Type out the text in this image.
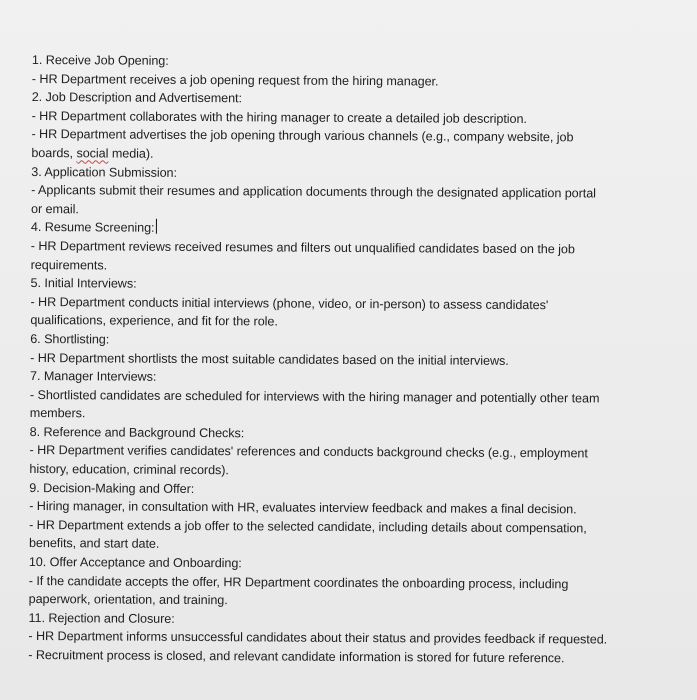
1. Receive Job Opening:
- HR Department receives a job opening request from the hiring manager.
2. Job Description and Advertisement:
- HR Department collaborates with the hiring manager to create a detailed job description.
- HR Department advertises the job opening through various channels (e.g., company website, job
boards, social media).
3. Application Submission:
- Applicants submit their resumes and application documents through the designated application portal
or email.
4. Resume Screening:
- HR Department reviews received resumes and filters out unqualified candidates based on the job
requirements.
5. Initial Interviews:
- HR Department conducts initial interviews (phone, video, or in-person) to assess candidates'
qualifications, experience, and fit for the role.
6. Shortlisting:
- HR Department shortlists the most suitable candidates based on the initial interviews.
7. Manager Interviews:
- Shortlisted candidates are scheduled for interviews with the hiring manager and potentially other team
members.
8. Reference and Background Checks:
- HR Department verifies candidates' references and conducts background checks (e.g., employment
history, education, criminal records).
9. Decision-Making and Offer:
- Hiring manager, in consultation with HR, evaluates interview feedback and makes a final decision.
- HR Department extends a job offer to the selected candidate, including details about compensation,
benefits, and start date.
10. Offer Acceptance and Onboarding:
- If the candidate accepts the offer, HR Department coordinates the onboarding process, including
paperwork, orientation, and training.
11. Rejection and Closure:
- HR Department informs unsuccessful candidates about their status and provides feedback if requested.
- Recruitment process is closed, and relevant candidate information is stored for future reference.
